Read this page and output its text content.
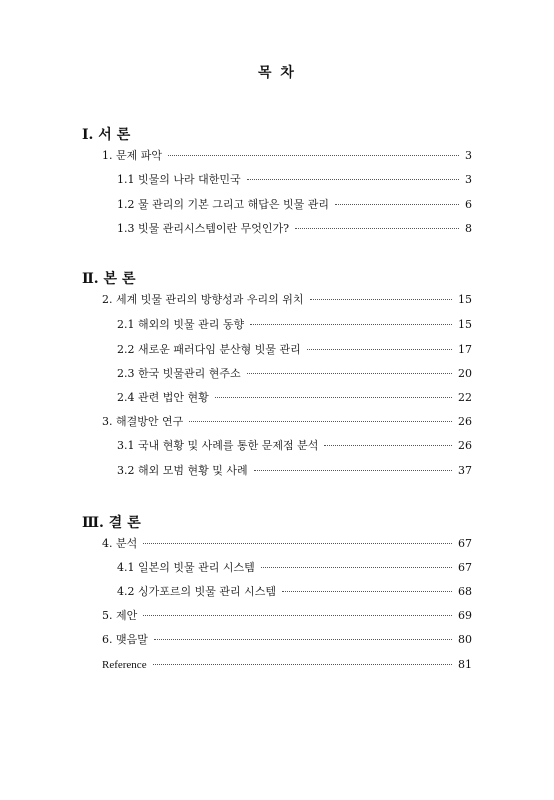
목 차
Ⅰ. 서 론
1. 문제 파악	3
1.1 빗물의 나라 대한민국	3
1.2 물 관리의 기본 그리고 해답은 빗물 관리	6
1.3 빗물 관리시스템이란 무엇인가?	8
Ⅱ. 본 론
2. 세계 빗물 관리의 방향성과 우리의 위치	15
2.1 해외의 빗물 관리 동향	15
2.2 새로운 패러다임 분산형 빗물 관리	17
2.3 한국 빗물관리 현주소	20
2.4 관련 법안 현황	22
3. 해결방안 연구	26
3.1 국내 현황 및 사례를 통한 문제점 분석	26
3.2 해외 모범 현황 및 사례	37
Ⅲ. 결 론
4. 분석	67
4.1 일본의 빗물 관리 시스템	67
4.2 싱가포르의 빗물 관리 시스템	68
5. 제안	69
6. 맺음말	80
Reference	81
